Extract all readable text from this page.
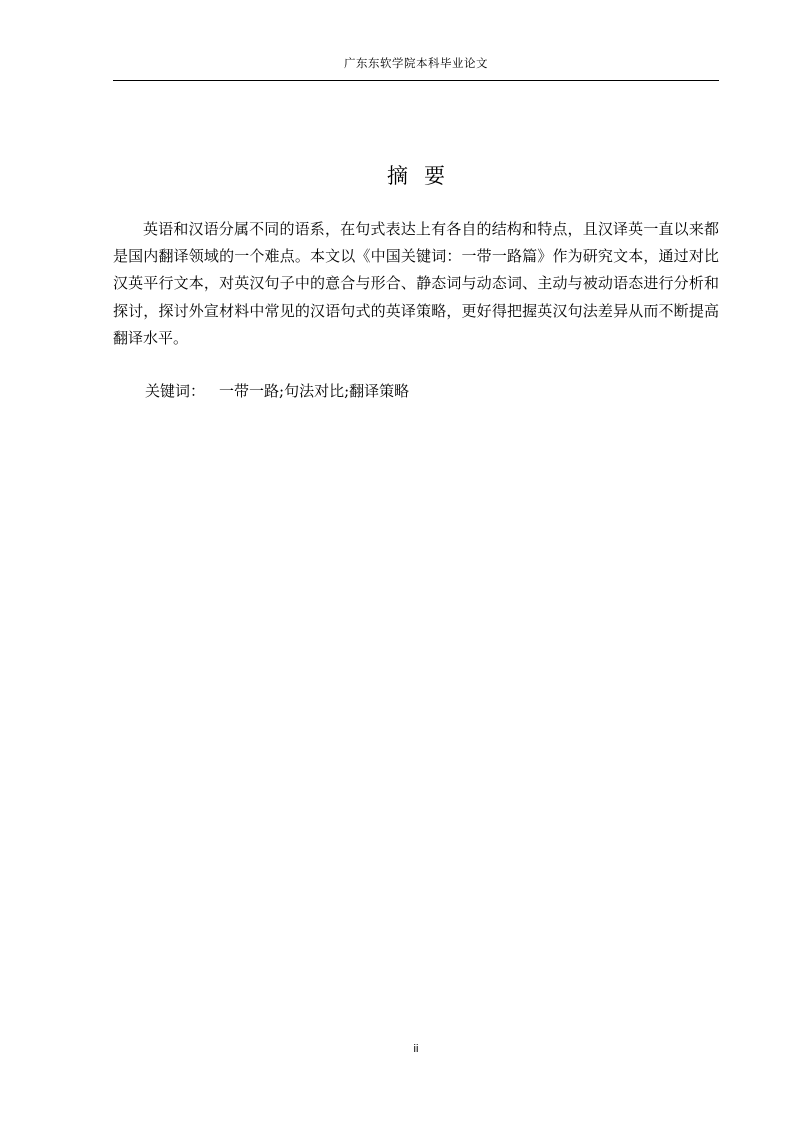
广东东软学院本科毕业论文
摘要

英语和汉语分属不同的语系，在句式表达上有各自的结构和特点，且汉译英一直以来都是国内翻译领域的一个难点。本文以《中国关键词：一带一路篇》作为研究文本，通过对比汉英平行文本，对英汉句子中的意合与形合、静态词与动态词、主动与被动语态进行分析和探讨，探讨外宣材料中常见的汉语句式的英译策略，更好得把握英汉句法差异从而不断提高翻译水平。

关键词： 一带一路;句法对比;翻译策略
ii
